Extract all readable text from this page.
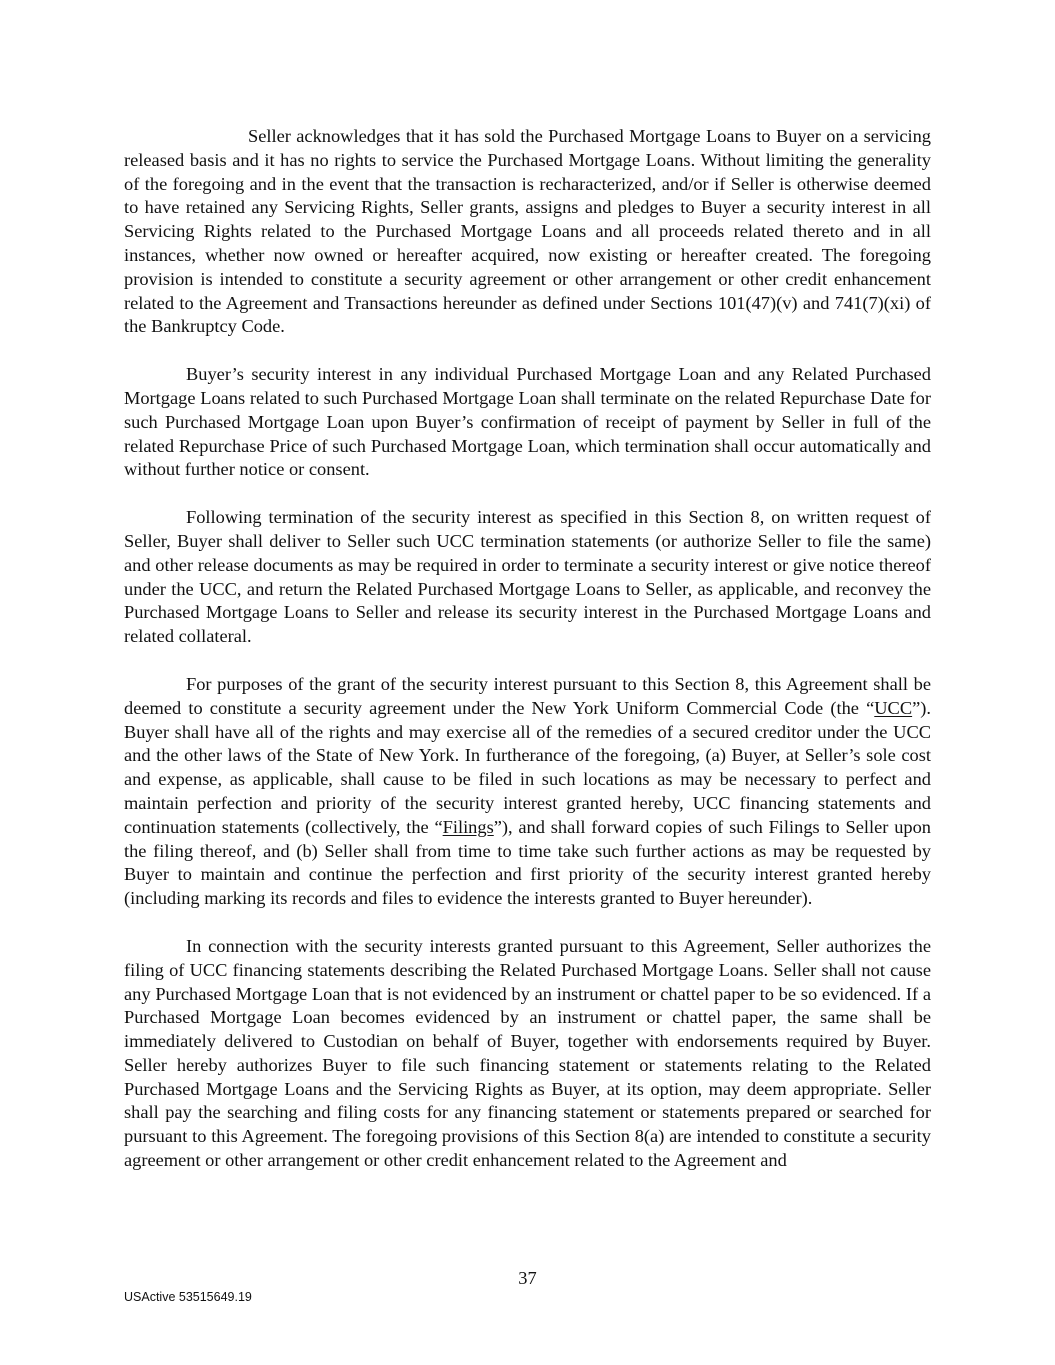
Seller acknowledges that it has sold the Purchased Mortgage Loans to Buyer on a servicing released basis and it has no rights to service the Purchased Mortgage Loans. Without limiting the generality of the foregoing and in the event that the transaction is recharacterized, and/or if Seller is otherwise deemed to have retained any Servicing Rights, Seller grants, assigns and pledges to Buyer a security interest in all Servicing Rights related to the Purchased Mortgage Loans and all proceeds related thereto and in all instances, whether now owned or hereafter acquired, now existing or hereafter created. The foregoing provision is intended to constitute a security agreement or other arrangement or other credit enhancement related to the Agreement and Transactions hereunder as defined under Sections 101(47)(v) and 741(7)(xi) of the Bankruptcy Code.

Buyer’s security interest in any individual Purchased Mortgage Loan and any Related Purchased Mortgage Loans related to such Purchased Mortgage Loan shall terminate on the related Repurchase Date for such Purchased Mortgage Loan upon Buyer’s confirmation of receipt of payment by Seller in full of the related Repurchase Price of such Purchased Mortgage Loan, which termination shall occur automatically and without further notice or consent.

Following termination of the security interest as specified in this Section 8, on written request of Seller, Buyer shall deliver to Seller such UCC termination statements (or authorize Seller to file the same) and other release documents as may be required in order to terminate a security interest or give notice thereof under the UCC, and return the Related Purchased Mortgage Loans to Seller, as applicable, and reconvey the Purchased Mortgage Loans to Seller and release its security interest in the Purchased Mortgage Loans and related collateral.

For purposes of the grant of the security interest pursuant to this Section 8, this Agreement shall be deemed to constitute a security agreement under the New York Uniform Commercial Code (the “UCC”). Buyer shall have all of the rights and may exercise all of the remedies of a secured creditor under the UCC and the other laws of the State of New York. In furtherance of the foregoing, (a) Buyer, at Seller’s sole cost and expense, as applicable, shall cause to be filed in such locations as may be necessary to perfect and maintain perfection and priority of the security interest granted hereby, UCC financing statements and continuation statements (collectively, the “Filings”), and shall forward copies of such Filings to Seller upon the filing thereof, and (b) Seller shall from time to time take such further actions as may be requested by Buyer to maintain and continue the perfection and first priority of the security interest granted hereby (including marking its records and files to evidence the interests granted to Buyer hereunder).

In connection with the security interests granted pursuant to this Agreement, Seller authorizes the filing of UCC financing statements describing the Related Purchased Mortgage Loans. Seller shall not cause any Purchased Mortgage Loan that is not evidenced by an instrument or chattel paper to be so evidenced. If a Purchased Mortgage Loan becomes evidenced by an instrument or chattel paper, the same shall be immediately delivered to Custodian on behalf of Buyer, together with endorsements required by Buyer. Seller hereby authorizes Buyer to file such financing statement or statements relating to the Related Purchased Mortgage Loans and the Servicing Rights as Buyer, at its option, may deem appropriate. Seller shall pay the searching and filing costs for any financing statement or statements prepared or searched for pursuant to this Agreement. The foregoing provisions of this Section 8(a) are intended to constitute a security agreement or other arrangement or other credit enhancement related to the Agreement and

37
USActive 53515649.19
